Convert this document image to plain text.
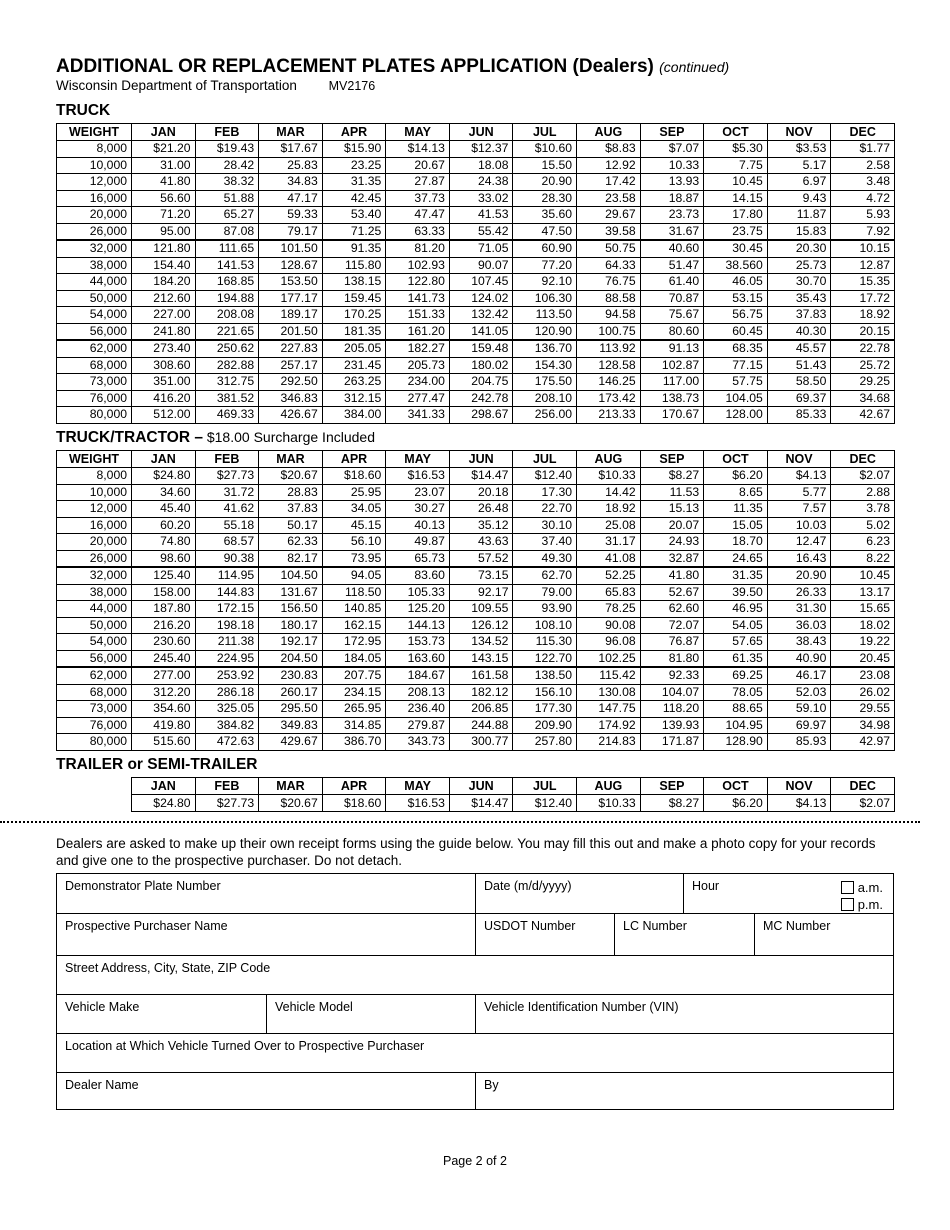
ADDITIONAL OR REPLACEMENT PLATES APPLICATION (Dealers) (continued)
Wisconsin Department of Transportation	MV2176
TRUCK
WEIGHT	JAN	FEB	MAR	APR	MAY	JUN	JUL	AUG	SEP	OCT	NOV	DEC
8,000	$21.20	$19.43	$17.67	$15.90	$14.13	$12.37	$10.60	$8.83	$7.07	$5.30	$3.53	$1.77
10,000	31.00	28.42	25.83	23.25	20.67	18.08	15.50	12.92	10.33	7.75	5.17	2.58
12,000	41.80	38.32	34.83	31.35	27.87	24.38	20.90	17.42	13.93	10.45	6.97	3.48
16,000	56.60	51.88	47.17	42.45	37.73	33.02	28.30	23.58	18.87	14.15	9.43	4.72
20,000	71.20	65.27	59.33	53.40	47.47	41.53	35.60	29.67	23.73	17.80	11.87	5.93
26,000	95.00	87.08	79.17	71.25	63.33	55.42	47.50	39.58	31.67	23.75	15.83	7.92
32,000	121.80	111.65	101.50	91.35	81.20	71.05	60.90	50.75	40.60	30.45	20.30	10.15
38,000	154.40	141.53	128.67	115.80	102.93	90.07	77.20	64.33	51.47	38.560	25.73	12.87
44,000	184.20	168.85	153.50	138.15	122.80	107.45	92.10	76.75	61.40	46.05	30.70	15.35
50,000	212.60	194.88	177.17	159.45	141.73	124.02	106.30	88.58	70.87	53.15	35.43	17.72
54,000	227.00	208.08	189.17	170.25	151.33	132.42	113.50	94.58	75.67	56.75	37.83	18.92
56,000	241.80	221.65	201.50	181.35	161.20	141.05	120.90	100.75	80.60	60.45	40.30	20.15
62,000	273.40	250.62	227.83	205.05	182.27	159.48	136.70	113.92	91.13	68.35	45.57	22.78
68,000	308.60	282.88	257.17	231.45	205.73	180.02	154.30	128.58	102.87	77.15	51.43	25.72
73,000	351.00	312.75	292.50	263.25	234.00	204.75	175.50	146.25	117.00	57.75	58.50	29.25
76,000	416.20	381.52	346.83	312.15	277.47	242.78	208.10	173.42	138.73	104.05	69.37	34.68
80,000	512.00	469.33	426.67	384.00	341.33	298.67	256.00	213.33	170.67	128.00	85.33	42.67
TRUCK/TRACTOR – $18.00 Surcharge Included
WEIGHT	JAN	FEB	MAR	APR	MAY	JUN	JUL	AUG	SEP	OCT	NOV	DEC
8,000	$24.80	$27.73	$20.67	$18.60	$16.53	$14.47	$12.40	$10.33	$8.27	$6.20	$4.13	$2.07
10,000	34.60	31.72	28.83	25.95	23.07	20.18	17.30	14.42	11.53	8.65	5.77	2.88
12,000	45.40	41.62	37.83	34.05	30.27	26.48	22.70	18.92	15.13	11.35	7.57	3.78
16,000	60.20	55.18	50.17	45.15	40.13	35.12	30.10	25.08	20.07	15.05	10.03	5.02
20,000	74.80	68.57	62.33	56.10	49.87	43.63	37.40	31.17	24.93	18.70	12.47	6.23
26,000	98.60	90.38	82.17	73.95	65.73	57.52	49.30	41.08	32.87	24.65	16.43	8.22
32,000	125.40	114.95	104.50	94.05	83.60	73.15	62.70	52.25	41.80	31.35	20.90	10.45
38,000	158.00	144.83	131.67	118.50	105.33	92.17	79.00	65.83	52.67	39.50	26.33	13.17
44,000	187.80	172.15	156.50	140.85	125.20	109.55	93.90	78.25	62.60	46.95	31.30	15.65
50,000	216.20	198.18	180.17	162.15	144.13	126.12	108.10	90.08	72.07	54.05	36.03	18.02
54,000	230.60	211.38	192.17	172.95	153.73	134.52	115.30	96.08	76.87	57.65	38.43	19.22
56,000	245.40	224.95	204.50	184.05	163.60	143.15	122.70	102.25	81.80	61.35	40.90	20.45
62,000	277.00	253.92	230.83	207.75	184.67	161.58	138.50	115.42	92.33	69.25	46.17	23.08
68,000	312.20	286.18	260.17	234.15	208.13	182.12	156.10	130.08	104.07	78.05	52.03	26.02
73,000	354.60	325.05	295.50	265.95	236.40	206.85	177.30	147.75	118.20	88.65	59.10	29.55
76,000	419.80	384.82	349.83	314.85	279.87	244.88	209.90	174.92	139.93	104.95	69.97	34.98
80,000	515.60	472.63	429.67	386.70	343.73	300.77	257.80	214.83	171.87	128.90	85.93	42.97
TRAILER or SEMI-TRAILER
JAN	FEB	MAR	APR	MAY	JUN	JUL	AUG	SEP	OCT	NOV	DEC
$24.80	$27.73	$20.67	$18.60	$16.53	$14.47	$12.40	$10.33	$8.27	$6.20	$4.13	$2.07
Dealers are asked to make up their own receipt forms using the guide below. You may fill this out and make a photo copy for your records and give one to the prospective purchaser. Do not detach.
Demonstrator Plate Number	Date (m/d/yyyy)	Hour	a.m.
p.m.
Prospective Purchaser Name	USDOT Number	LC Number	MC Number
Street Address, City, State, ZIP Code
Vehicle Make	Vehicle Model	Vehicle Identification Number (VIN)
Location at Which Vehicle Turned Over to Prospective Purchaser
Dealer Name	By
Page 2 of 2
